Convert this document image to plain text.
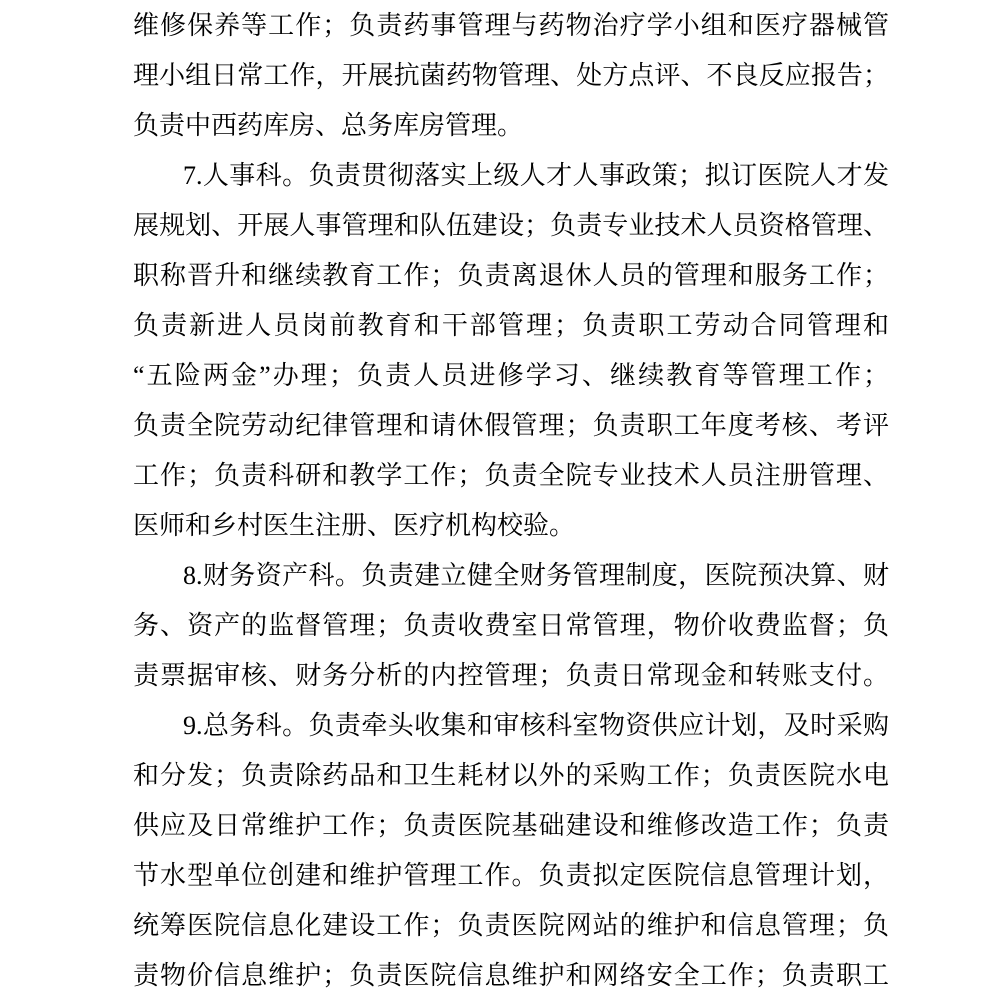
维修保养等工作；负责药事管理与药物治疗学小组和医疗器械管
理小组日常工作，开展抗菌药物管理、处方点评、不良反应报告；
负责中西药库房、总务库房管理。
7.人事科。负责贯彻落实上级人才人事政策；拟订医院人才发
展规划、开展人事管理和队伍建设；负责专业技术人员资格管理、
职称晋升和继续教育工作；负责离退休人员的管理和服务工作；
负责新进人员岗前教育和干部管理；负责职工劳动合同管理和
“五险两金”办理；负责人员进修学习、继续教育等管理工作；
负责全院劳动纪律管理和请休假管理；负责职工年度考核、考评
工作；负责科研和教学工作；负责全院专业技术人员注册管理、
医师和乡村医生注册、医疗机构校验。
8.财务资产科。负责建立健全财务管理制度，医院预决算、财
务、资产的监督管理；负责收费室日常管理，物价收费监督；负
责票据审核、财务分析的内控管理；负责日常现金和转账支付。
9.总务科。负责牵头收集和审核科室物资供应计划，及时采购
和分发；负责除药品和卫生耗材以外的采购工作；负责医院水电
供应及日常维护工作；负责医院基础建设和维修改造工作；负责
节水型单位创建和维护管理工作。负责拟定医院信息管理计划，
统筹医院信息化建设工作；负责医院网站的维护和信息管理；负
责物价信息维护；负责医院信息维护和网络安全工作；负责职工
